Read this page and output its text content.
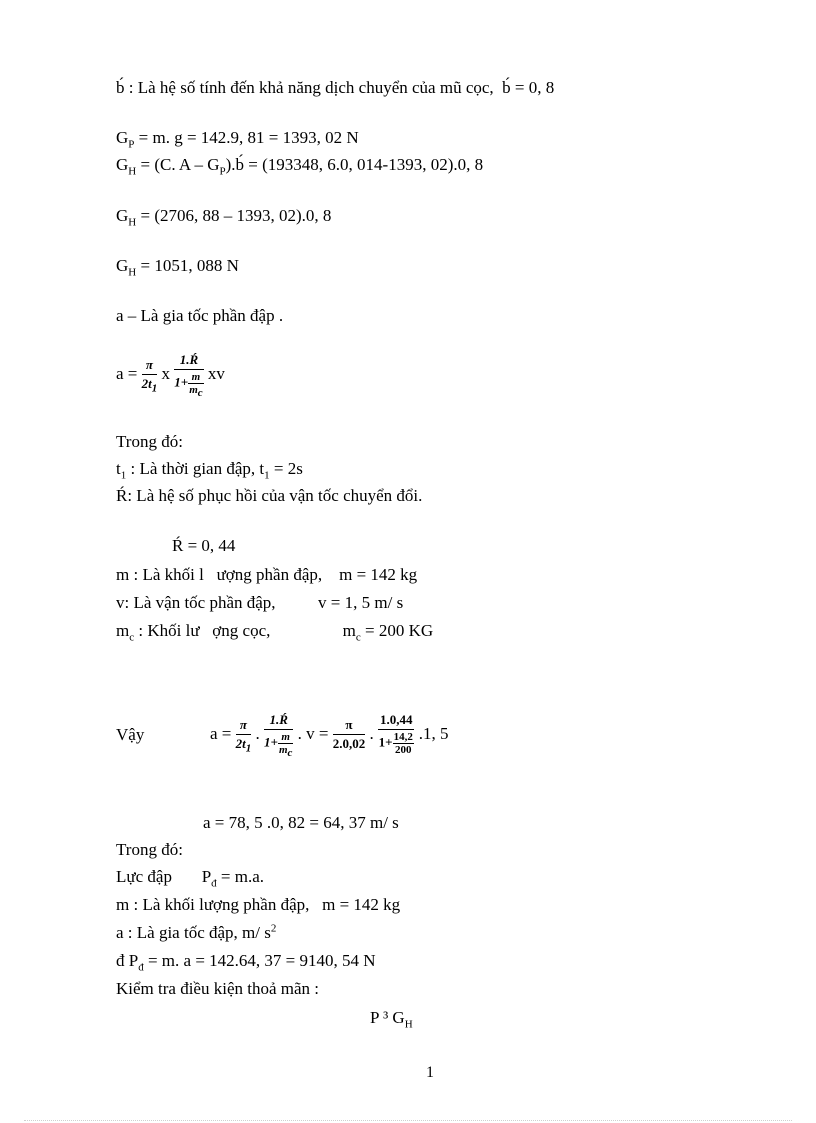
b́ : Là hệ số tính đến khả năng dịch chuyển của mũ cọc,  b́ = 0, 8
$G_P = m$. g = 142.9, 81 = 1393, 02 N
$G_H = (C$. $A - G_P).b́ = (193348$, 6.0, 014-1393, 02).0, 8
$G_H = (2706$, 88 – 1393, 02).0, 8
$G_H = 1051$, 088 N
a – Là gia tốc phần đập .
$a = \frac{\pi}{2t_1}$ x $\frac{1.Ŕ}{1+ \frac{m}{m_c}}$ xv
Trong đó:
$t_1$ : Là thời gian đập, $t_1 = 2s$
Ŕ: Là hệ số phục hồi của vận tốc chuyển đổi.
Ŕ = 0, 44
m : Là khối l   ượng phần đập,    m = 142 kg
v: Là vận tốc phần đập,          v = 1, 5 m/ s
$m_c$ : Khối lư   ợng cọc,                 $m_c = 200$ KG
Vậy	$a = \frac{\pi}{2t_1}$ . $\frac{1.Ŕ}{1+ \frac{m}{m_c}}$ . $v = \frac{\pi}{2.0,02}$ . $\frac{1.0,44}{1+ \frac{14,2}{200}} .1$, 5
a = 78, 5 .0, 82 = 64, 37 m/ s
Trong đó:
Lực đập       $P_đ = m.a$.
m : Là khối lượng phần đập,   m = 142 kg
a : Là gia tốc đập, m/ $s^2$
đ $P_đ = m$. a = 142.64, 37 = 9140, 54 N
Kiểm tra điều kiện thoả mãn :
P ³ $G_H$
1
